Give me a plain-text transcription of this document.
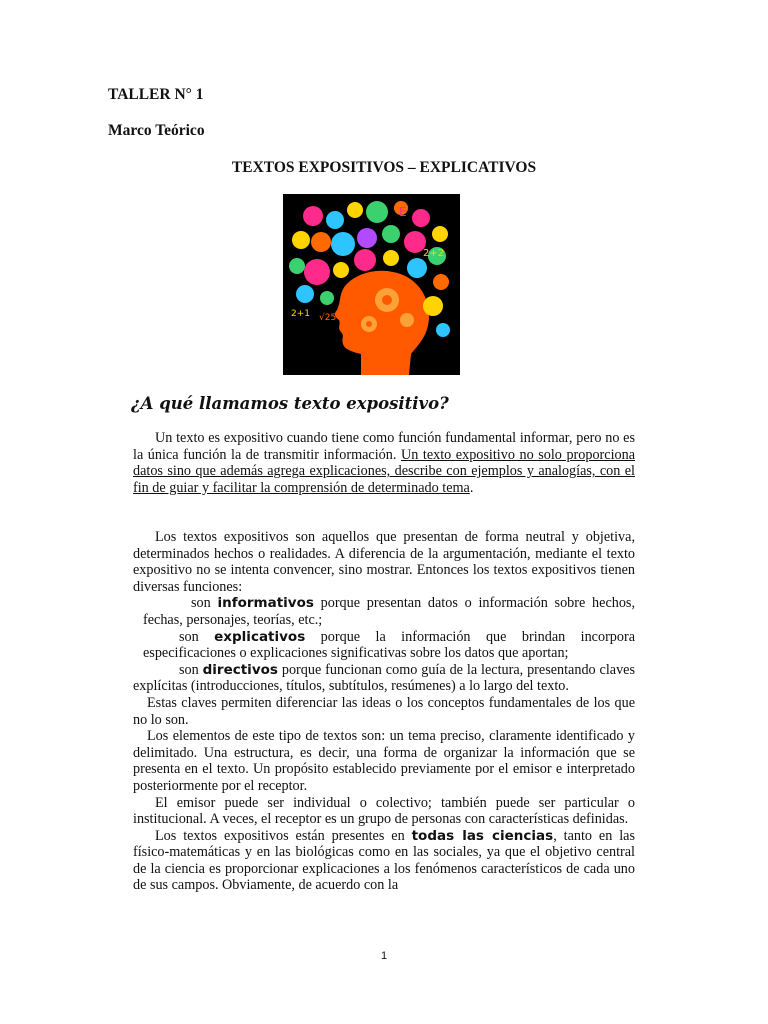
TALLER N° 1
Marco Teórico
TEXTOS EXPOSITIVOS – EXPLICATIVOS
E
2+2
2+1 √25
¿A qué llamamos texto expositivo?

Un texto es expositivo cuando tiene como función fundamental informar, pero no es la única función la de transmitir información. Un texto expositivo no solo proporciona datos sino que además agrega explicaciones, describe con ejemplos y analogías, con el fin de guiar y facilitar la comprensión de determinado tema.

Los textos expositivos son aquellos que presentan de forma neutral y objetiva, determinados hechos o realidades. A diferencia de la argumentación, mediante el texto expositivo no se intenta convencer, sino mostrar. Entonces los textos expositivos tienen diversas funciones:

son informativos porque presentan datos o información sobre hechos, fechas, personajes, teorías, etc.;

son explicativos porque la información que brindan incorpora especificaciones o explicaciones significativas sobre los datos que aportan;

son directivos porque funcionan como guía de la lectura, presentando claves explícitas (introducciones, títulos, subtítulos, resúmenes) a lo largo del texto.

Estas claves permiten diferenciar las ideas o los conceptos fundamentales de los que no lo son.

Los elementos de este tipo de textos son: un tema preciso, claramente identificado y delimitado. Una estructura, es decir, una forma de organizar la información que se presenta en el texto. Un propósito establecido previamente por el emisor e interpretado posteriormente por el receptor.

El emisor puede ser individual o colectivo; también puede ser particular o institucional. A veces, el receptor es un grupo de personas con características definidas.

Los textos expositivos están presentes en todas las ciencias, tanto en las físico-matemáticas y en las biológicas como en las sociales, ya que el objetivo central de la ciencia es proporcionar explicaciones a los fenómenos característicos de cada uno de sus campos. Obviamente, de acuerdo con la

1
